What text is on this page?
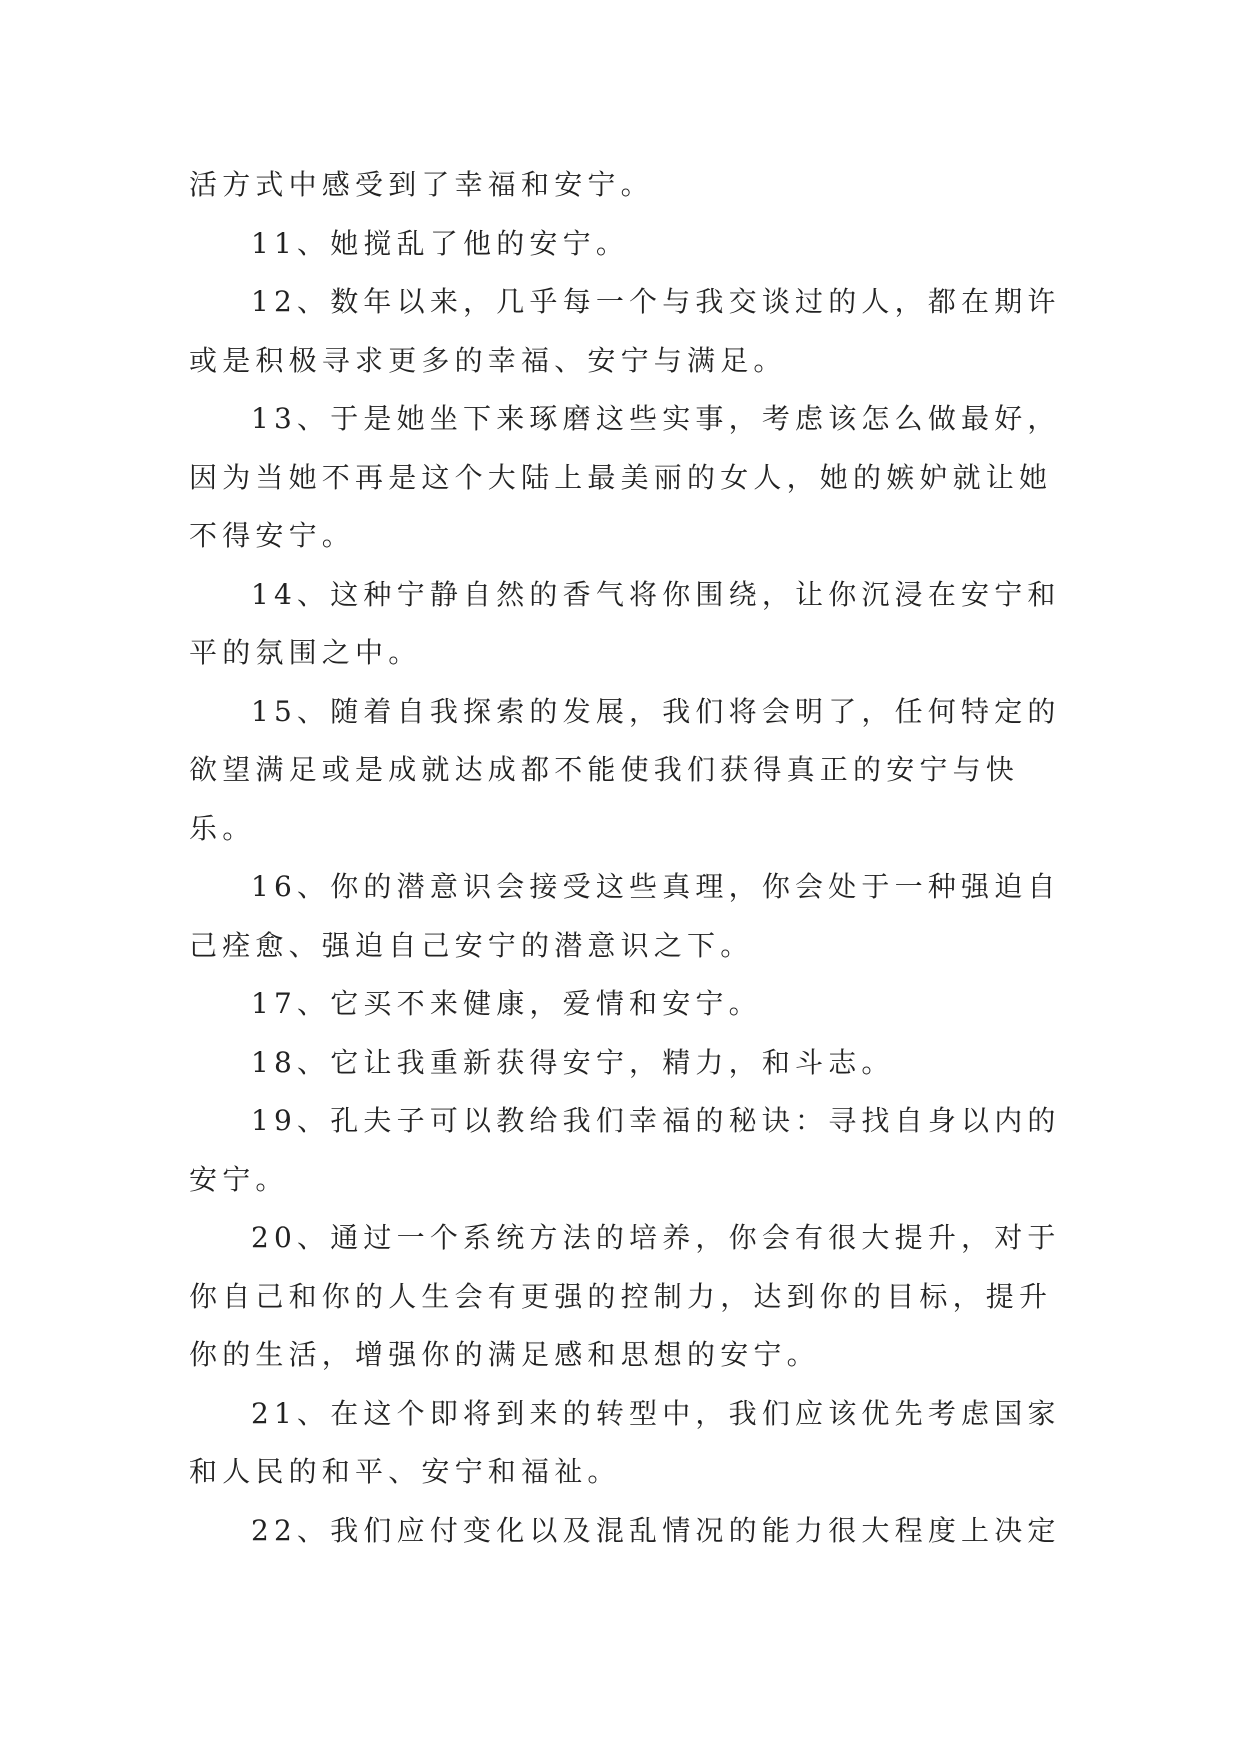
活方式中感受到了幸福和安宁。

11、她搅乱了他的安宁。

12、数年以来，几乎每一个与我交谈过的人，都在期许

或是积极寻求更多的幸福、安宁与满足。

13、于是她坐下来琢磨这些实事，考虑该怎么做最好，

因为当她不再是这个大陆上最美丽的女人，她的嫉妒就让她

不得安宁。

14、这种宁静自然的香气将你围绕，让你沉浸在安宁和

平的氛围之中。

15、随着自我探索的发展，我们将会明了，任何特定的

欲望满足或是成就达成都不能使我们获得真正的安宁与快

乐。

16、你的潜意识会接受这些真理，你会处于一种强迫自

己痊愈、强迫自己安宁的潜意识之下。

17、它买不来健康，爱情和安宁。

18、它让我重新获得安宁，精力，和斗志。

19、孔夫子可以教给我们幸福的秘诀：寻找自身以内的

安宁。

20、通过一个系统方法的培养，你会有很大提升，对于

你自己和你的人生会有更强的控制力，达到你的目标，提升

你的生活，增强你的满足感和思想的安宁。

21、在这个即将到来的转型中，我们应该优先考虑国家

和人民的和平、安宁和福祉。

22、我们应付变化以及混乱情况的能力很大程度上决定
